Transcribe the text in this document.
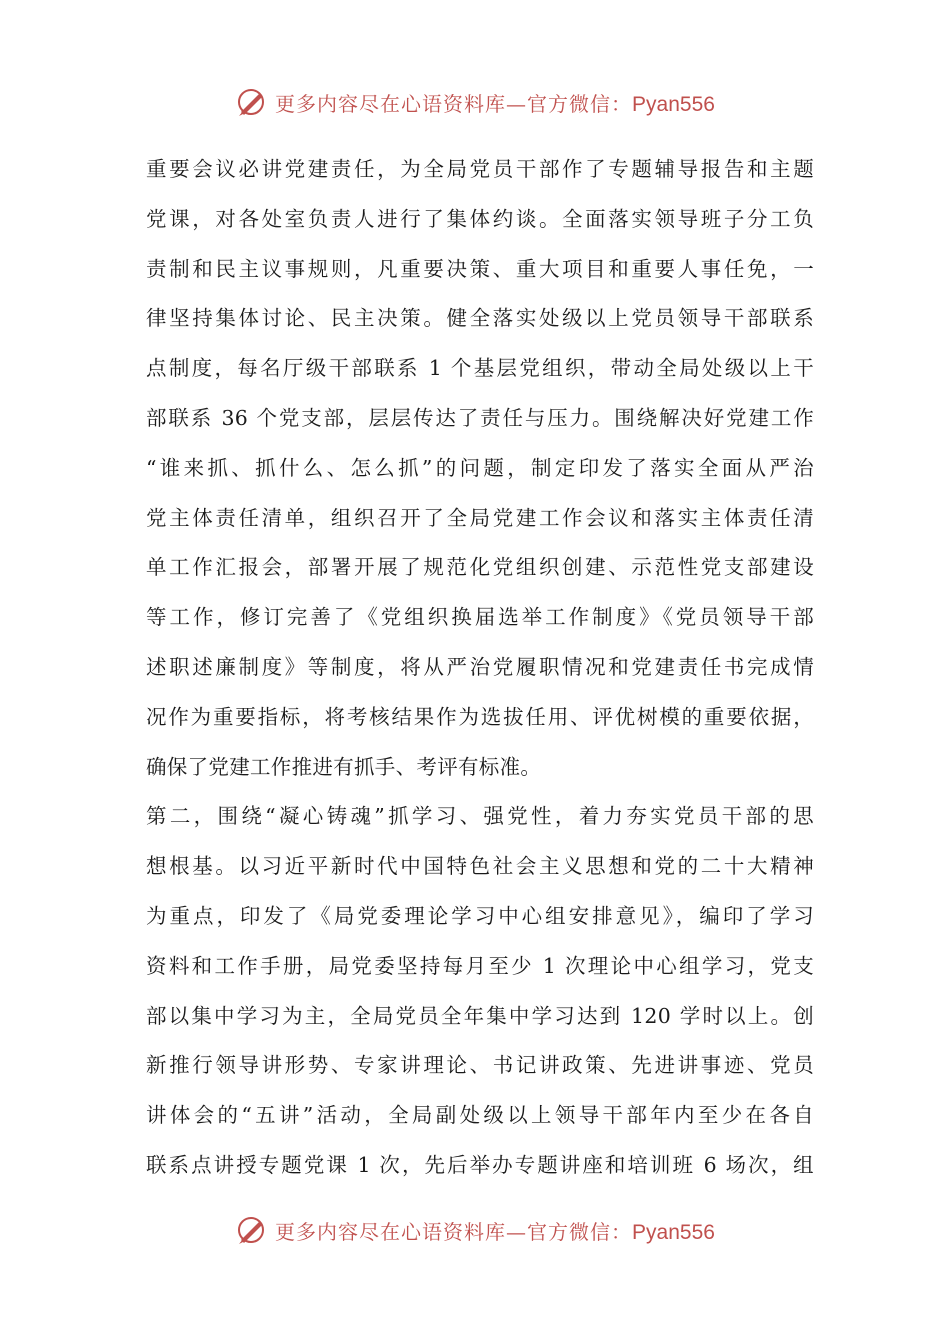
更多内容尽在心语资料库—官方微信：Pyan556
重要会议必讲党建责任，为全局党员干部作了专题辅导报告和主题
党课，对各处室负责人进行了集体约谈。全面落实领导班子分工负
责制和民主议事规则，凡重要决策、重大项目和重要人事任免，一
律坚持集体讨论、民主决策。健全落实处级以上党员领导干部联系
点制度，每名厅级干部联系 1 个基层党组织，带动全局处级以上干
部联系 36 个党支部，层层传达了责任与压力。围绕解决好党建工作
“谁来抓、抓什么、怎么抓”的问题，制定印发了落实全面从严治
党主体责任清单，组织召开了全局党建工作会议和落实主体责任清
单工作汇报会，部署开展了规范化党组织创建、示范性党支部建设
等工作，修订完善了《党组织换届选举工作制度》《党员领导干部
述职述廉制度》等制度，将从严治党履职情况和党建责任书完成情
况作为重要指标，将考核结果作为选拔任用、评优树模的重要依据，
确保了党建工作推进有抓手、考评有标准。
第二，围绕“凝心铸魂”抓学习、强党性，着力夯实党员干部的思
想根基。以习近平新时代中国特色社会主义思想和党的二十大精神
为重点，印发了《局党委理论学习中心组安排意见》，编印了学习
资料和工作手册，局党委坚持每月至少 1 次理论中心组学习，党支
部以集中学习为主，全局党员全年集中学习达到 120 学时以上。创
新推行领导讲形势、专家讲理论、书记讲政策、先进讲事迹、党员
讲体会的“五讲”活动，全局副处级以上领导干部年内至少在各自
联系点讲授专题党课 1 次，先后举办专题讲座和培训班 6 场次，组
更多内容尽在心语资料库—官方微信：Pyan556
